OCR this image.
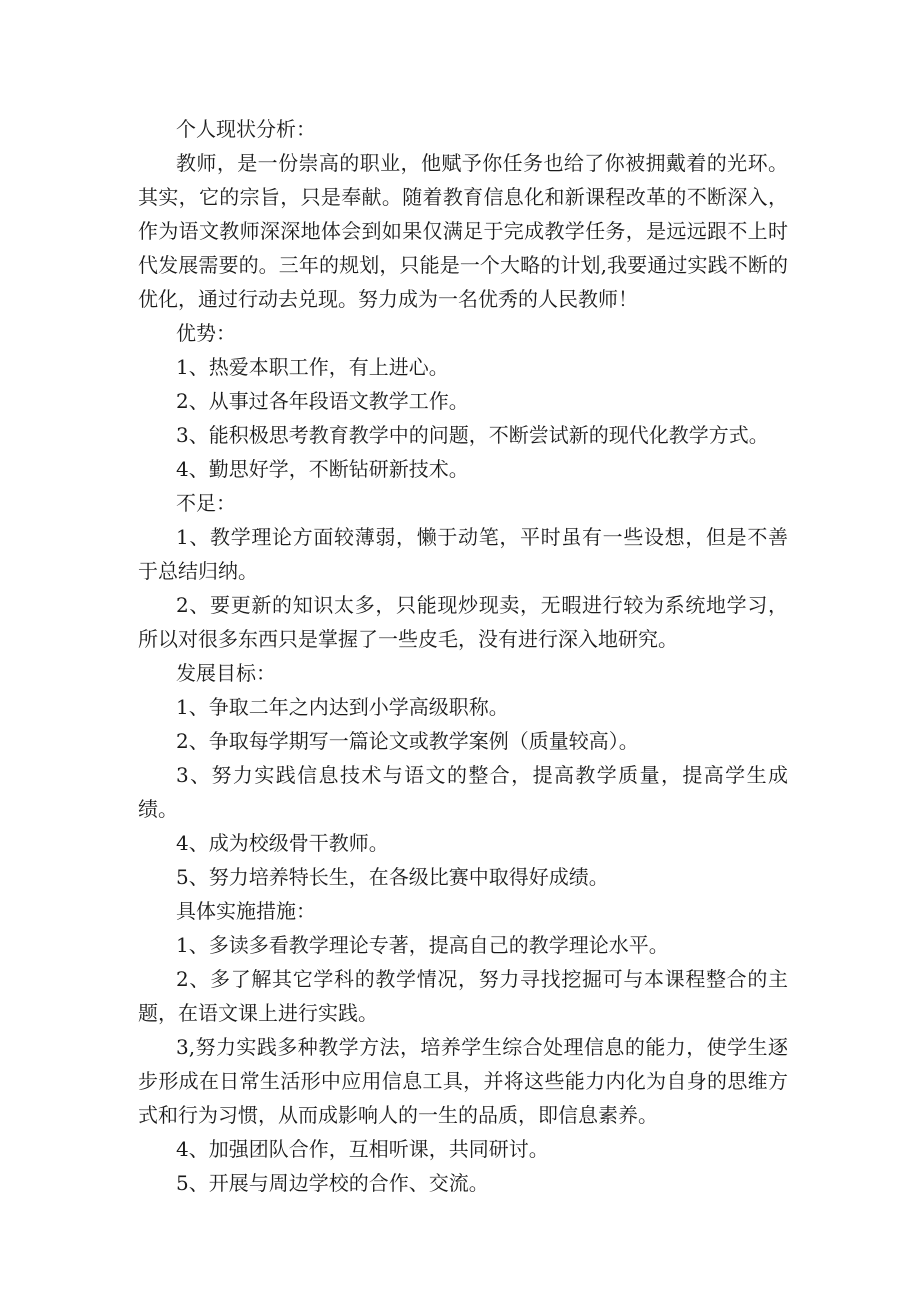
个人现状分析：

教师，是一份崇高的职业，他赋予你任务也给了你被拥戴着的光环。其实，它的宗旨，只是奉献。随着教育信息化和新课程改革的不断深入，作为语文教师深深地体会到如果仅满足于完成教学任务，是远远跟不上时代发展需要的。三年的规划，只能是一个大略的计划,我要通过实践不断的优化，通过行动去兑现。努力成为一名优秀的人民教师！

优势：

1、热爱本职工作，有上进心。

2、从事过各年段语文教学工作。

3、能积极思考教育教学中的问题，不断尝试新的现代化教学方式。

4、勤思好学，不断钻研新技术。

不足：

1、教学理论方面较薄弱，懒于动笔，平时虽有一些设想，但是不善于总结归纳。

2、要更新的知识太多，只能现炒现卖，无暇进行较为系统地学习，所以对很多东西只是掌握了一些皮毛，没有进行深入地研究。

发展目标：

1、争取二年之内达到小学高级职称。

2、争取每学期写一篇论文或教学案例（质量较高）。

3、努力实践信息技术与语文的整合，提高教学质量，提高学生成绩。

4、成为校级骨干教师。

5、努力培养特长生，在各级比赛中取得好成绩。

具体实施措施：

1、多读多看教学理论专著，提高自己的教学理论水平。

2、多了解其它学科的教学情况，努力寻找挖掘可与本课程整合的主题，在语文课上进行实践。

3,努力实践多种教学方法，培养学生综合处理信息的能力，使学生逐步形成在日常生活形中应用信息工具，并将这些能力内化为自身的思维方式和行为习惯，从而成影响人的一生的品质，即信息素养。

4、加强团队合作，互相听课，共同研讨。

5、开展与周边学校的合作、交流。
